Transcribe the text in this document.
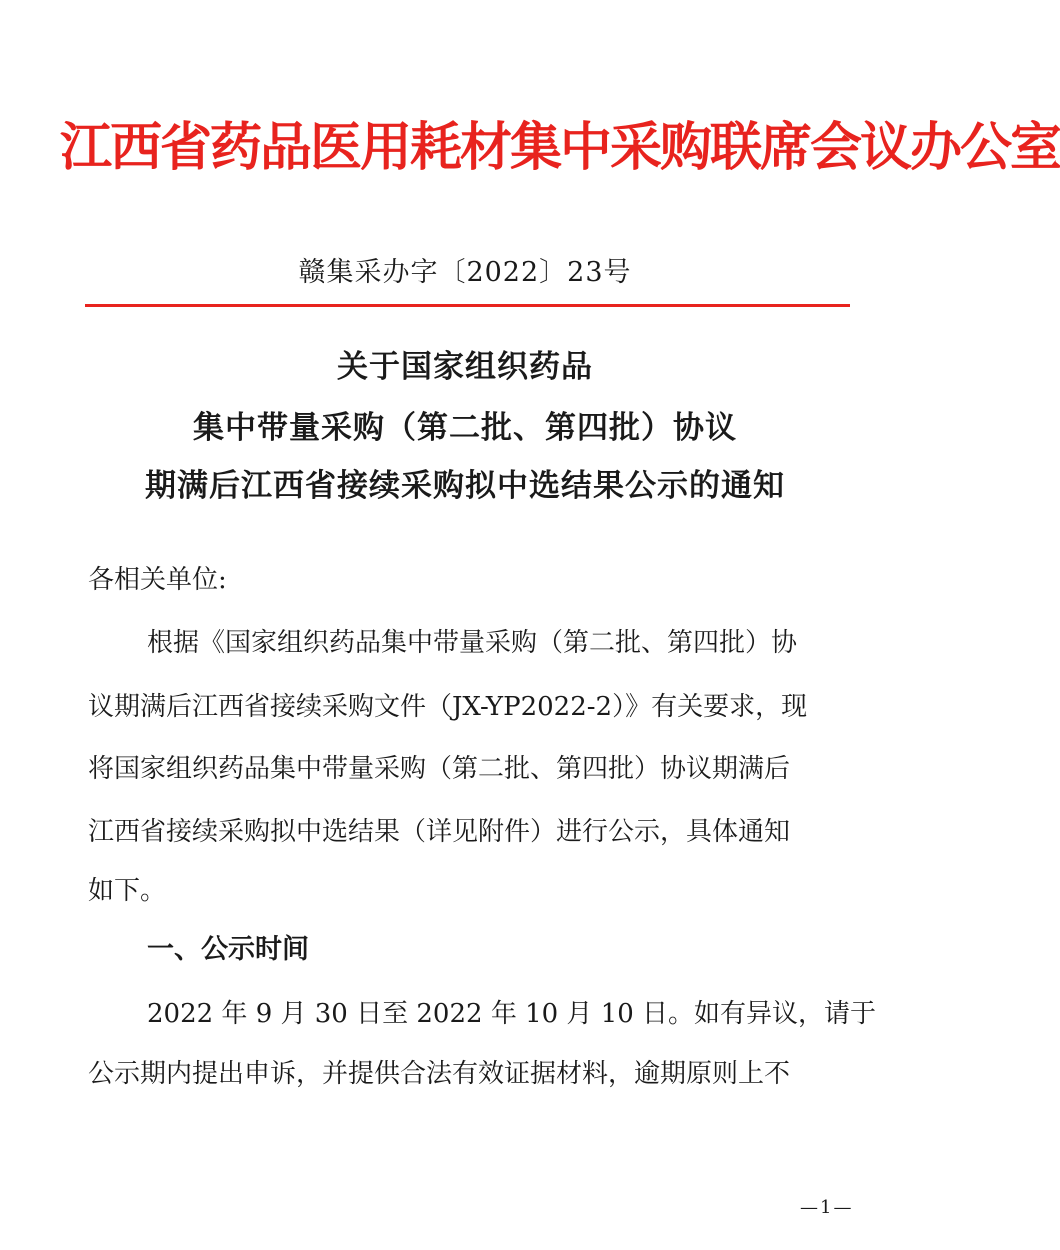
江西省药品医用耗材集中采购联席会议办公室
赣集采办字〔2022〕23号
关于国家组织药品
集中带量采购（第二批、第四批）协议
期满后江西省接续采购拟中选结果公示的通知
各相关单位:
根据《国家组织药品集中带量采购（第二批、第四批）协
议期满后江西省接续采购文件（JX-YP2022-2）》有关要求，现
将国家组织药品集中带量采购（第二批、第四批）协议期满后
江西省接续采购拟中选结果（详见附件）进行公示，具体通知
如下。
一、公示时间
2022 年 9 月 30 日至 2022 年 10 月 10 日。如有异议，请于
公示期内提出申诉，并提供合法有效证据材料，逾期原则上不
—1—
